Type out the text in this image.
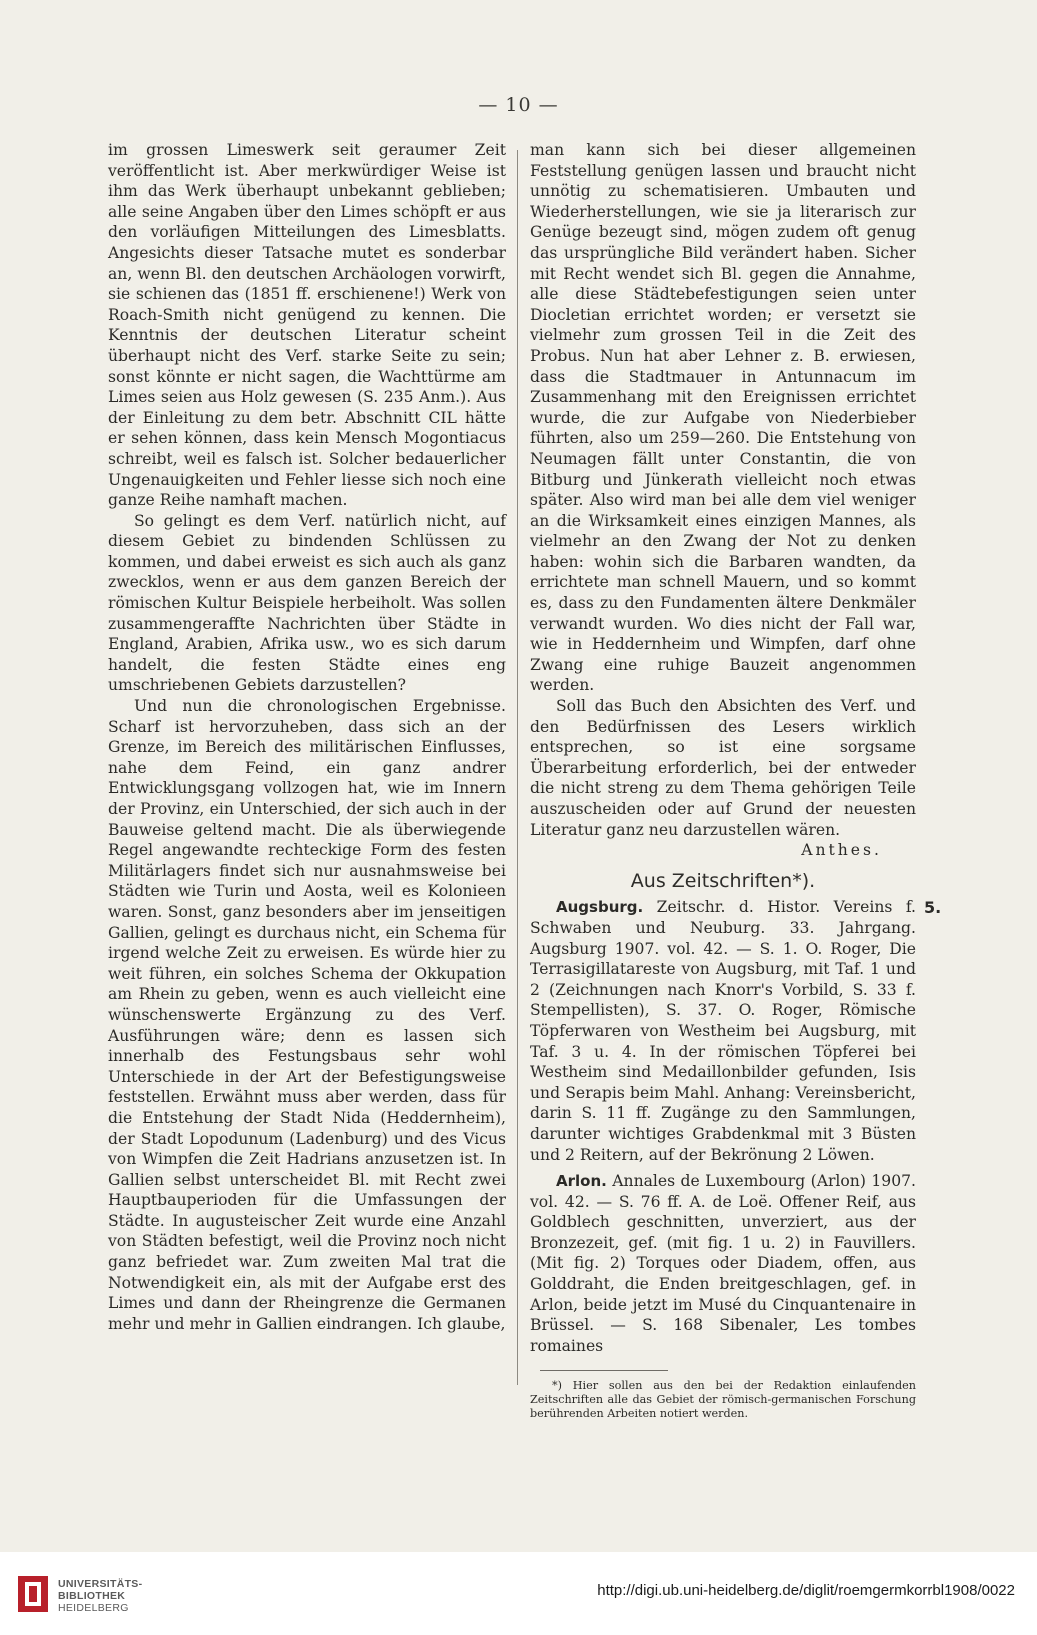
— 10 —

im grossen Limeswerk seit geraumer Zeit veröffentlicht ist. Aber merkwürdiger Weise ist ihm das Werk überhaupt unbekannt geblieben; alle seine Angaben über den Limes schöpft er aus den vorläufigen Mitteilungen des Limesblatts. Angesichts dieser Tatsache mutet es sonderbar an, wenn Bl. den deutschen Archäologen vorwirft, sie schienen das (1851 ff. erschienene!) Werk von Roach-Smith nicht genügend zu kennen. Die Kenntnis der deutschen Literatur scheint überhaupt nicht des Verf. starke Seite zu sein; sonst könnte er nicht sagen, die Wachttürme am Limes seien aus Holz gewesen (S. 235 Anm.). Aus der Einleitung zu dem betr. Abschnitt CIL hätte er sehen können, dass kein Mensch Mogontiacus schreibt, weil es falsch ist. Solcher bedauerlicher Ungenauigkeiten und Fehler liesse sich noch eine ganze Reihe namhaft machen.

So gelingt es dem Verf. natürlich nicht, auf diesem Gebiet zu bindenden Schlüssen zu kommen, und dabei erweist es sich auch als ganz zwecklos, wenn er aus dem ganzen Bereich der römischen Kultur Beispiele herbeiholt. Was sollen zusammengeraffte Nachrichten über Städte in England, Arabien, Afrika usw., wo es sich darum handelt, die festen Städte eines eng umschriebenen Gebiets darzustellen?

Und nun die chronologischen Ergebnisse. Scharf ist hervorzuheben, dass sich an der Grenze, im Bereich des militärischen Einflusses, nahe dem Feind, ein ganz andrer Entwicklungsgang vollzogen hat, wie im Innern der Provinz, ein Unterschied, der sich auch in der Bauweise geltend macht. Die als überwiegende Regel angewandte rechteckige Form des festen Militärlagers findet sich nur ausnahmsweise bei Städten wie Turin und Aosta, weil es Kolonieen waren. Sonst, ganz besonders aber im jenseitigen Gallien, gelingt es durchaus nicht, ein Schema für irgend welche Zeit zu erweisen. Es würde hier zu weit führen, ein solches Schema der Okkupation am Rhein zu geben, wenn es auch vielleicht eine wünschenswerte Ergänzung zu des Verf. Ausführungen wäre; denn es lassen sich innerhalb des Festungsbaus sehr wohl Unterschiede in der Art der Befestigungsweise feststellen. Erwähnt muss aber werden, dass für die Entstehung der Stadt Nida (Heddernheim), der Stadt Lopodunum (Ladenburg) und des Vicus von Wimpfen die Zeit Hadrians anzusetzen ist. In Gallien selbst unterscheidet Bl. mit Recht zwei Hauptbauperioden für die Umfassungen der Städte. In augusteischer Zeit wurde eine Anzahl von Städten befestigt, weil die Provinz noch nicht ganz befriedet war. Zum zweiten Mal trat die Notwendigkeit ein, als mit der Aufgabe erst des Limes und dann der Rheingrenze die Germanen mehr und mehr in Gallien eindrangen. Ich glaube,

man kann sich bei dieser allgemeinen Feststellung genügen lassen und braucht nicht unnötig zu schematisieren. Umbauten und Wiederherstellungen, wie sie ja literarisch zur Genüge bezeugt sind, mögen zudem oft genug das ursprüngliche Bild verändert haben. Sicher mit Recht wendet sich Bl. gegen die Annahme, alle diese Städtebefestigungen seien unter Diocletian errichtet worden; er versetzt sie vielmehr zum grossen Teil in die Zeit des Probus. Nun hat aber Lehner z. B. erwiesen, dass die Stadtmauer in Antunnacum im Zusammenhang mit den Ereignissen errichtet wurde, die zur Aufgabe von Niederbieber führten, also um 259—260. Die Entstehung von Neumagen fällt unter Constantin, die von Bitburg und Jünkerath vielleicht noch etwas später. Also wird man bei alle dem viel weniger an die Wirksamkeit eines einzigen Mannes, als vielmehr an den Zwang der Not zu denken haben: wohin sich die Barbaren wandten, da errichtete man schnell Mauern, und so kommt es, dass zu den Fundamenten ältere Denkmäler verwandt wurden. Wo dies nicht der Fall war, wie in Heddernheim und Wimpfen, darf ohne Zwang eine ruhige Bauzeit angenommen werden.

Soll das Buch den Absichten des Verf. und den Bedürfnissen des Lesers wirklich entsprechen, so ist eine sorgsame Überarbeitung erforderlich, bei der entweder die nicht streng zu dem Thema gehörigen Teile auszuscheiden oder auf Grund der neuesten Literatur ganz neu darzustellen wären.

Anthes.
Aus Zeitschriften*).

Augsburg. Zeitschr. d. Histor. Vereins f. Schwaben und Neuburg. 33. Jahrgang. Augsburg 1907. vol. 42. — S. 1. O. Roger, Die Terrasigillatareste von Augsburg, mit Taf. 1 und 2 (Zeichnungen nach Knorr's Vorbild, S. 33 f. Stempellisten), S. 37. O. Roger, Römische Töpferwaren von Westheim bei Augsburg, mit Taf. 3 u. 4. In der römischen Töpferei bei Westheim sind Medaillonbilder gefunden, Isis und Serapis beim Mahl. Anhang: Vereinsbericht, darin S. 11 ff. Zugänge zu den Sammlungen, darunter wichtiges Grabdenkmal mit 3 Büsten und 2 Reitern, auf der Bekrönung 2 Löwen.

Arlon. Annales de Luxembourg (Arlon) 1907. vol. 42. — S. 76 ff. A. de Loë. Offener Reif, aus Goldblech geschnitten, unverziert, aus der Bronzezeit, gef. (mit fig. 1 u. 2) in Fauvillers. (Mit fig. 2) Torques oder Diadem, offen, aus Golddraht, die Enden breitgeschlagen, gef. in Arlon, beide jetzt im Musé du Cinquantenaire in Brüssel. — S. 168 Sibenaler, Les tombes romaines

*) Hier sollen aus den bei der Redaktion einlaufenden Zeitschriften alle das Gebiet der römisch-germanischen Forschung berührenden Arbeiten notiert werden.

5.
UNIVERSITÄTS-
BIBLIOTHEK
HEIDELBERG
http://digi.ub.uni-heidelberg.de/diglit/roemgermkorrbl1908/0022
